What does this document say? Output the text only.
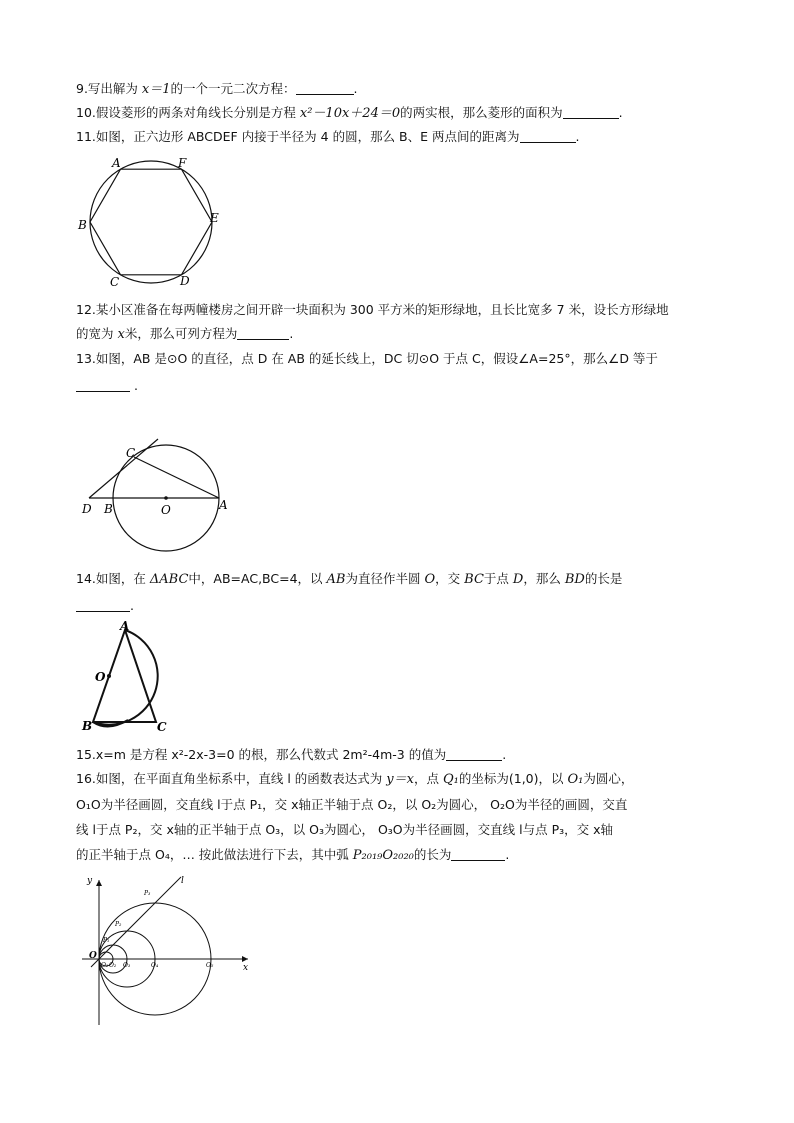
9.写出解为 x＝1的一个一元二次方程：	.
10.假设菱形的两条对角线长分别是方程 x²－10x＋24＝0的两实根，那么菱形的面积为	.
11.如图，正六边形 ABCDEF 内接于半径为 4 的圆，那么 B、E 两点间的距离为	.
A	F
B	E
C	D
12.某小区准备在每两幢楼房之间开辟一块面积为 300 平方米的矩形绿地，且长比宽多 7 米，设长方形绿地
的宽为 x米，那么可列方程为	.
13.如图，AB 是⊙O 的直径，点 D 在 AB 的延长线上，DC 切⊙O 于点 C，假设∠A=25°，那么∠D 等于
.
C
D B	O	A
14.如图，在 ΔABC中，AB=AC,BC=4，以 AB为直径作半圆 O，交 BC于点 D，那么 BD的长是
.
A
O
B	C
15.x=m 是方程 x²-2x-3=0 的根，那么代数式 2m²-4m-3 的值为	.
16.如图，在平面直角坐标系中，直线 l 的函数表达式为 y＝x，点 Q₁的坐标为(1,0)，以 O₁为圆心，
O₁O为半径画圆，交直线 l于点 P₁，交 x轴正半轴于点 O₂，以 O₂为圆心， O₂O为半径的画圆，交直
线 l于点 P₂，交 x轴的正半轴于点 O₃，以 O₃为圆心， O₃O为半径画圆，交直线 l与点 P₃，交 x轴
的正半轴于点 O₄，… 按此做法进行下去，其中弧 P₂₀₁₉O₂₀₂₀的长为	.
y	l
O
x
O₁ O₂ O₃	O₄	O₅
P₁
P₂
P₃
